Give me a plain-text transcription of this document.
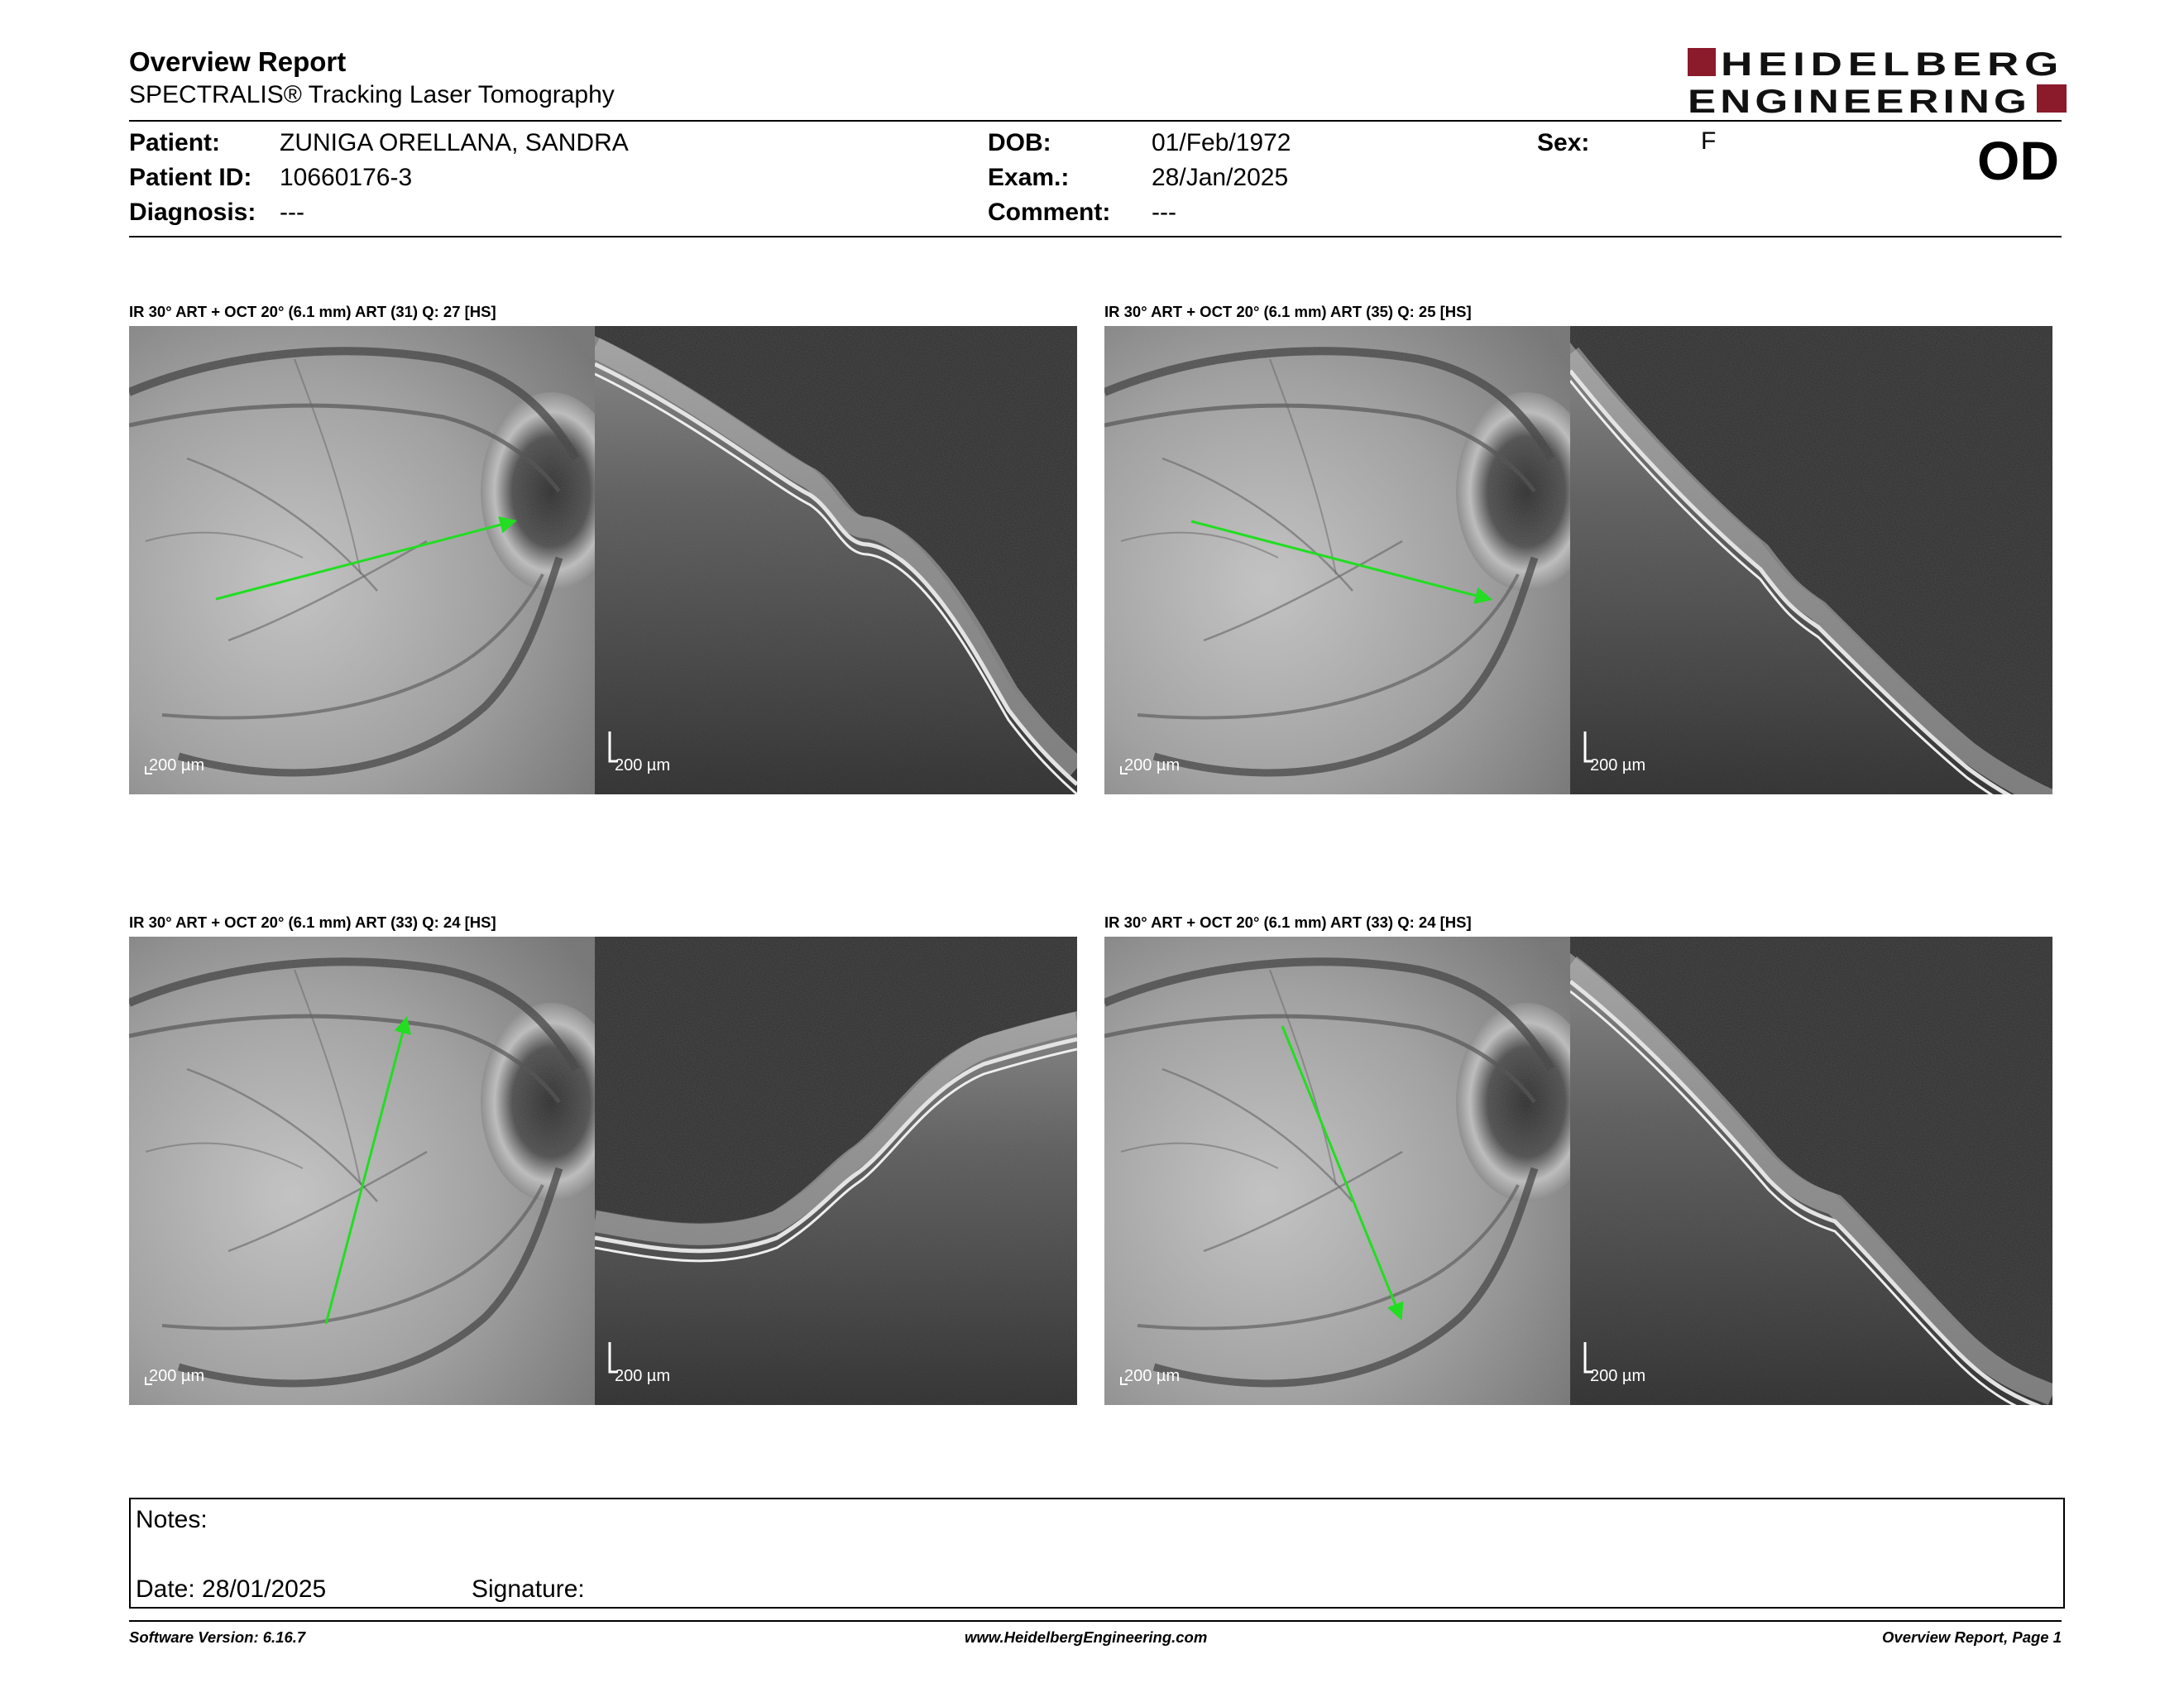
Overview Report
SPECTRALIS® Tracking Laser Tomography
HEIDELBERG
ENGINEERING
Patient: ZUNIGA ORELLANA, SANDRA
Patient ID: 10660176-3
Diagnosis: ---
DOB:	01/Feb/1972
Exam.:	28/Jan/2025
Comment: ---
Sex:	F	OD
IR 30° ART + OCT 20° (6.1 mm) ART (31) Q: 27 [HS]
200 µm	200 µm
IR 30° ART + OCT 20° (6.1 mm) ART (35) Q: 25 [HS]
200 µm	200 µm
IR 30° ART + OCT 20° (6.1 mm) ART (33) Q: 24 [HS]
200 µm	200 µm
IR 30° ART + OCT 20° (6.1 mm) ART (33) Q: 24 [HS]
200 µm	200 µm
Notes:
Date: 28/01/2025	Signature:
Software Version: 6.16.7	www.HeidelbergEngineering.com	Overview Report, Page 1
